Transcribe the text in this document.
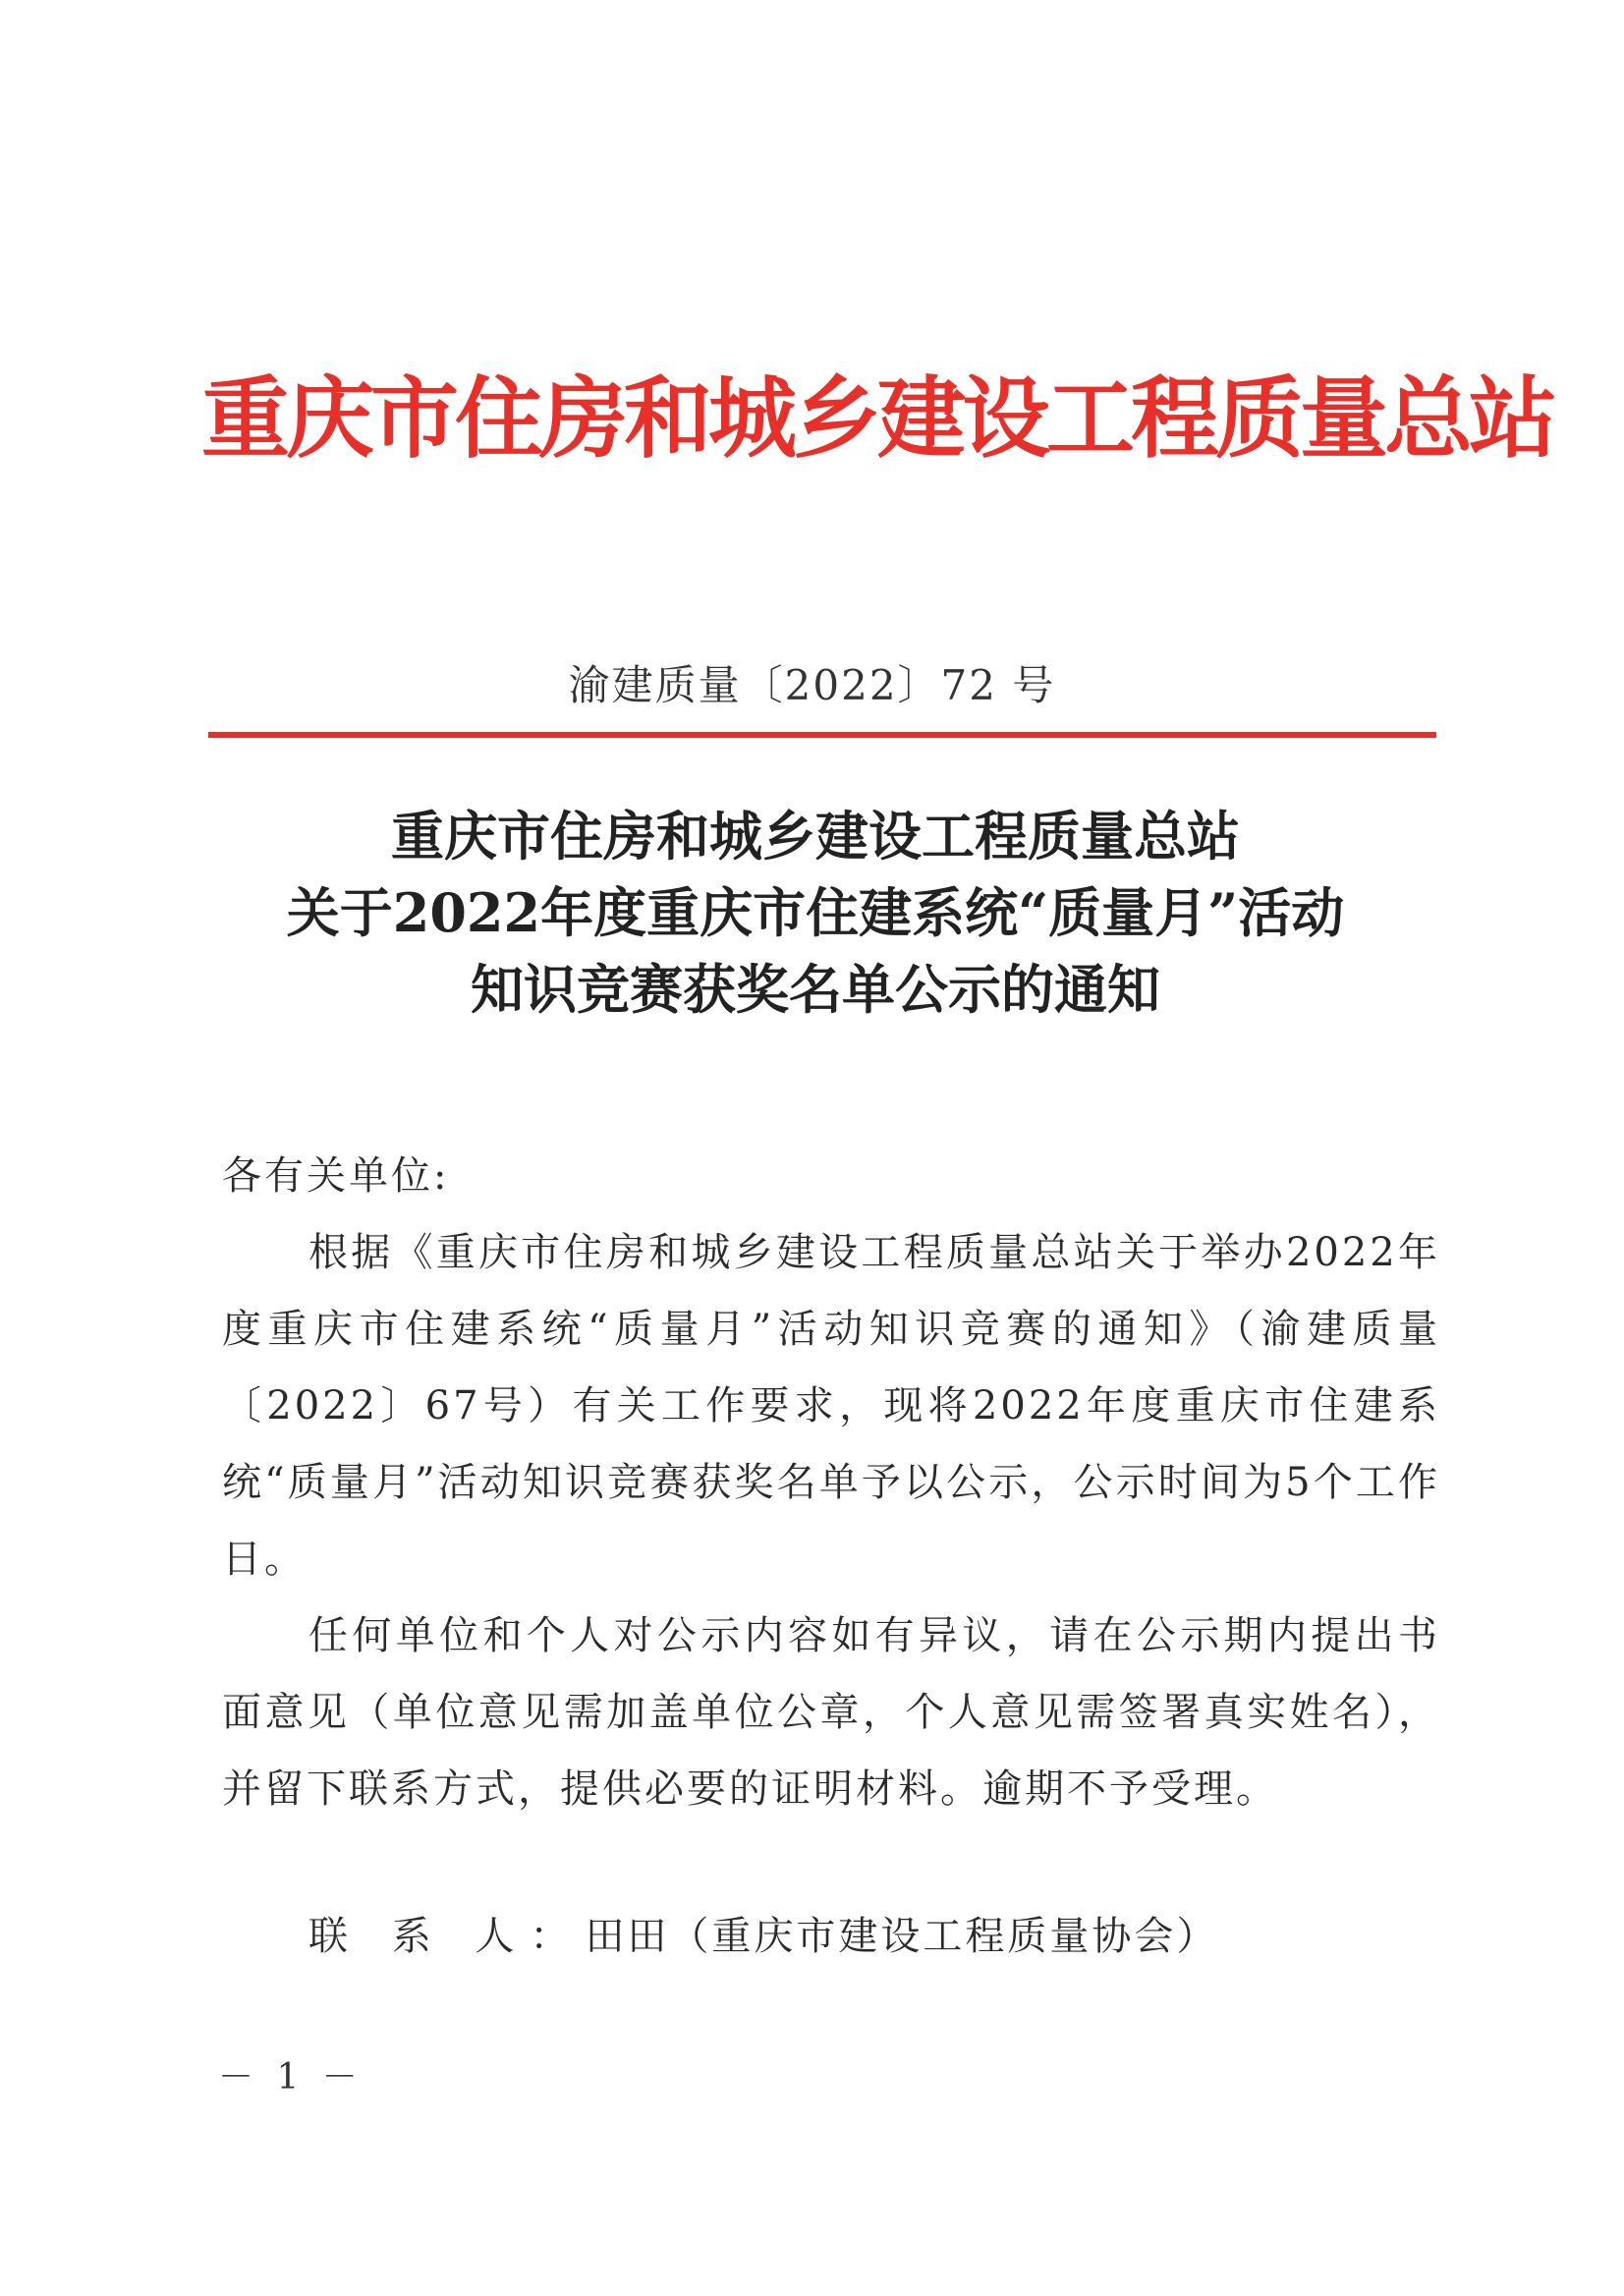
重庆市住房和城乡建设工程质量总站
渝建质量〔2022〕72 号
重庆市住房和城乡建设工程质量总站
关于2022年度重庆市住建系统“质量月”活动
知识竞赛获奖名单公示的通知
各有关单位:
根据《重庆市住房和城乡建设工程质量总站关于举办2022年度重庆市住建系统“质量月”活动知识竞赛的通知》（渝建质量〔2022〕67号）有关工作要求，现将2022年度重庆市住建系统“质量月”活动知识竞赛获奖名单予以公示，公示时间为5个工作日。
任何单位和个人对公示内容如有异议，请在公示期内提出书面意见（单位意见需加盖单位公章，个人意见需签署真实姓名），并留下联系方式，提供必要的证明材料。逾期不予受理。
联 系 人：田田（重庆市建设工程质量协会）
－ 1 －
